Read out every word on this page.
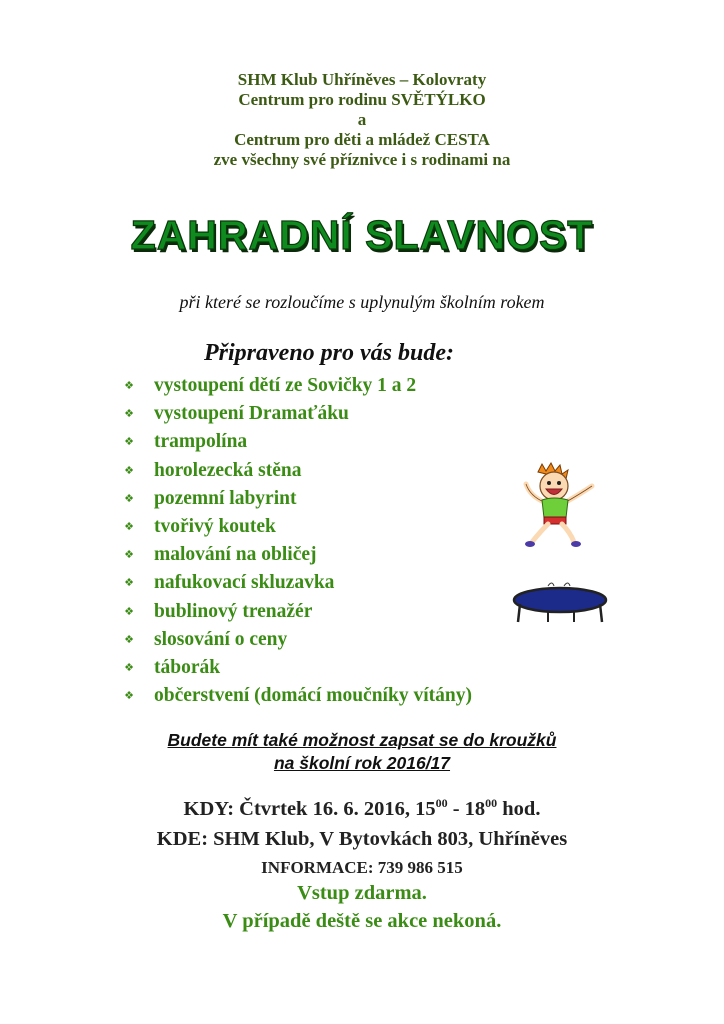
SHM Klub Uhříněves – Kolovraty
Centrum pro rodinu SVĚTÝLKO
a
Centrum pro děti a mládež CESTA
zve všechny své příznivce i s rodinami na
ZAHRADNÍ SLAVNOST
při které se rozloučíme s uplynulým školním rokem
Připraveno pro vás bude:
❖	vystoupení dětí ze Sovičky 1 a 2
❖	vystoupení Dramaťáku
❖	trampolína
❖	horolezecká stěna
❖	pozemní labyrint
❖	tvořivý koutek
❖	malování na obličej
❖	nafukovací skluzavka
❖	bublinový trenažér
❖	slosování o ceny
❖	táborák
❖	občerstvení (domácí moučníky vítány)
Budete mít také možnost zapsat se do kroužků
na školní rok 2016/17
KDY: Čtvrtek 16. 6. 2016, $15^{00} - 18^{00}$ hod.
KDE: SHM Klub, V Bytovkách 803, Uhříněves
INFORMACE: 739 986 515
Vstup zdarma.
V případě deště se akce nekoná.
